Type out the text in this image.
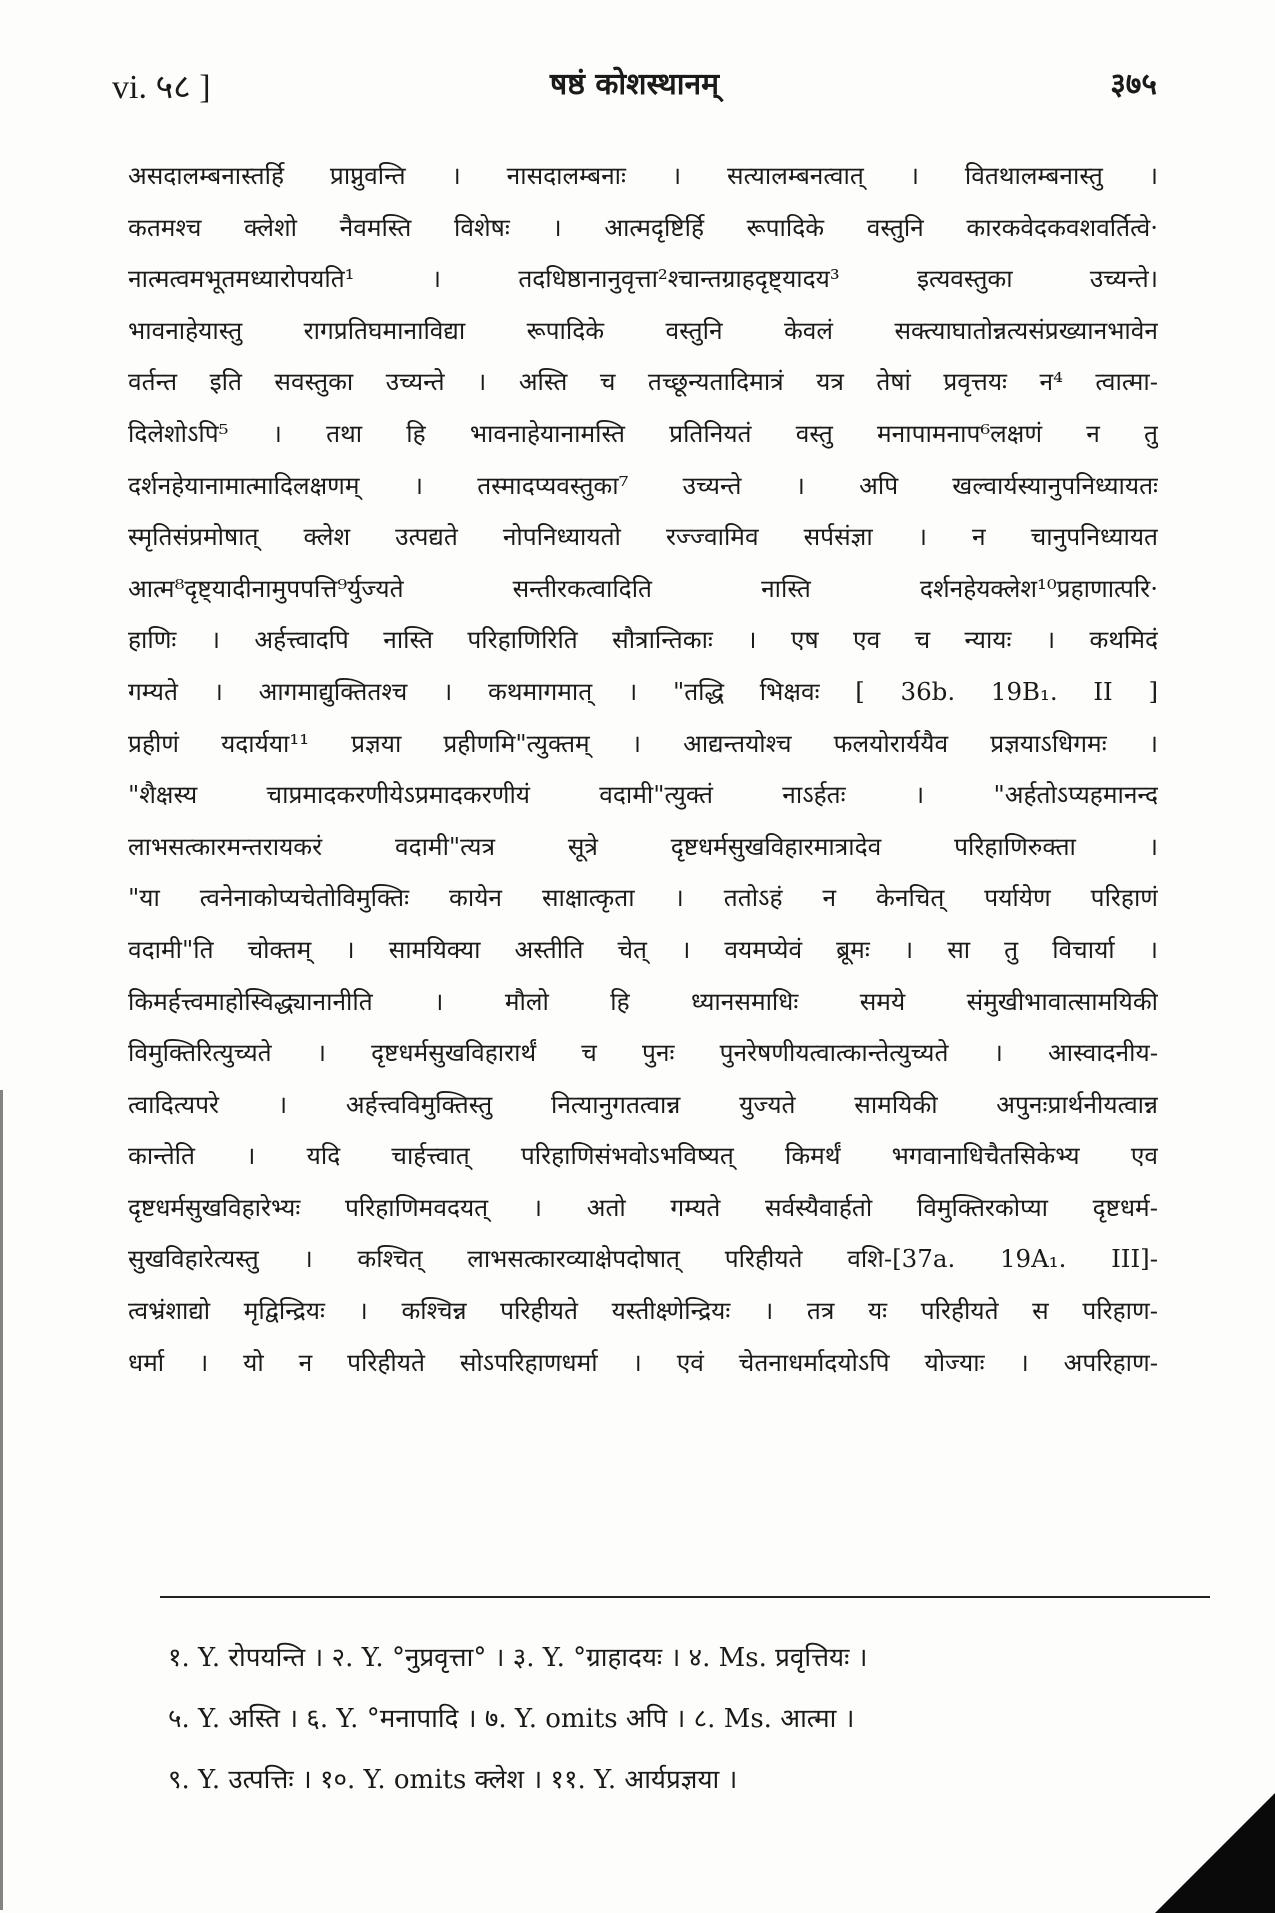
vi. ५८ ]	षष्ठं कोशस्थानम्	३७५
असदालम्बनास्तर्हि प्राप्नुवन्ति । नासदालम्बनाः । सत्यालम्बनत्वात् । वितथालम्बनास्तु ।
कतमश्च क्लेशो नैवमस्ति विशेषः । आत्मदृष्टिर्हि रूपादिके वस्तुनि कारकवेदकवशवर्तित्वे·
नात्मत्वमभूतमध्यारोपयति¹ । तदधिष्ठानानुवृत्ता²श्चान्तग्राहदृष्ट्यादय³ इत्यवस्तुका उच्यन्ते।
भावनाहेयास्तु रागप्रतिघमानाविद्या रूपादिके वस्तुनि केवलं सक्त्याघातोन्नत्यसंप्रख्यानभावेन
वर्तन्त इति सवस्तुका उच्यन्ते । अस्ति च तच्छून्यतादिमात्रं यत्र तेषां प्रवृत्तयः न⁴ त्वात्मा-
दिलेशोऽपि⁵ । तथा हि भावनाहेयानामस्ति प्रतिनियतं वस्तु मनापामनाप⁶लक्षणं न तु
दर्शनहेयानामात्मादिलक्षणम् । तस्मादप्यवस्तुका⁷ उच्यन्ते । अपि खल्वार्यस्यानुपनिध्यायतः
स्मृतिसंप्रमोषात् क्लेश उत्पद्यते नोपनिध्यायतो रज्ज्वामिव सर्पसंज्ञा । न चानुपनिध्यायत
आत्म⁸दृष्ट्यादीनामुपपत्ति⁹र्युज्यते सन्तीरकत्वादिति नास्ति दर्शनहेयक्लेश¹⁰प्रहाणात्परि·
हाणिः । अर्हत्त्वादपि नास्ति परिहाणिरिति सौत्रान्तिकाः । एष एव च न्यायः । कथमिदं
गम्यते । आगमाद्युक्तितश्च । कथमागमात् । "तद्धि भिक्षवः [ 36b. 19B₁. II ]
प्रहीणं यदार्यया¹¹ प्रज्ञया प्रहीणमि"त्युक्तम् । आद्यन्तयोश्च फलयोरार्ययैव प्रज्ञयाऽधिगमः ।
"शैक्षस्य चाप्रमादकरणीयेऽप्रमादकरणीयं वदामी"त्युक्तं नाऽर्हतः । "अर्हतोऽप्यहमानन्द
लाभसत्कारमन्तरायकरं वदामी"त्यत्र सूत्रे दृष्टधर्मसुखविहारमात्रादेव परिहाणिरुक्ता ।
"या त्वनेनाकोप्यचेतोविमुक्तिः कायेन साक्षात्कृता । ततोऽहं न केनचित् पर्यायेण परिहाणं
वदामी"ति चोक्तम् । सामयिक्या अस्तीति चेत् । वयमप्येवं ब्रूमः । सा तु विचार्या ।
किमर्हत्त्वमाहोस्विद्ध्यानानीति । मौलो हि ध्यानसमाधिः समये संमुखीभावात्सामयिकी
विमुक्तिरित्युच्यते । दृष्टधर्मसुखविहारार्थं च पुनः पुनरेषणीयत्वात्कान्तेत्युच्यते । आस्वादनीय-
त्वादित्यपरे । अर्हत्त्वविमुक्तिस्तु नित्यानुगतत्वान्न युज्यते सामयिकी अपुनःप्रार्थनीयत्वान्न
कान्तेति । यदि चार्हत्त्वात् परिहाणिसंभवोऽभविष्यत् किमर्थं भगवानाधिचैतसिकेभ्य एव
दृष्टधर्मसुखविहारेभ्यः परिहाणिमवदयत् । अतो गम्यते सर्वस्यैवार्हतो विमुक्तिरकोप्या दृष्टधर्म-
सुखविहारेत्यस्तु । कश्चित् लाभसत्कारव्याक्षेपदोषात् परिहीयते वशि-[37a. 19A₁. III]-
त्वभ्रंशाद्यो मृद्विन्द्रियः । कश्चिन्न परिहीयते यस्तीक्ष्णेन्द्रियः । तत्र यः परिहीयते स परिहाण-
धर्मा । यो न परिहीयते सोऽपरिहाणधर्मा । एवं चेतनाधर्मादयोऽपि योज्याः । अपरिहाण-
१. Y. रोपयन्ति । २. Y. °नुप्रवृत्ता° । ३. Y. °ग्राहादयः । ४. Ms. प्रवृत्तियः ।
५. Y. अस्ति । ६. Y. °मनापादि । ७. Y. omits अपि । ८. Ms. आत्मा ।
९. Y. उत्पत्तिः । १०. Y. omits क्लेश । ११. Y. आर्यप्रज्ञया ।
